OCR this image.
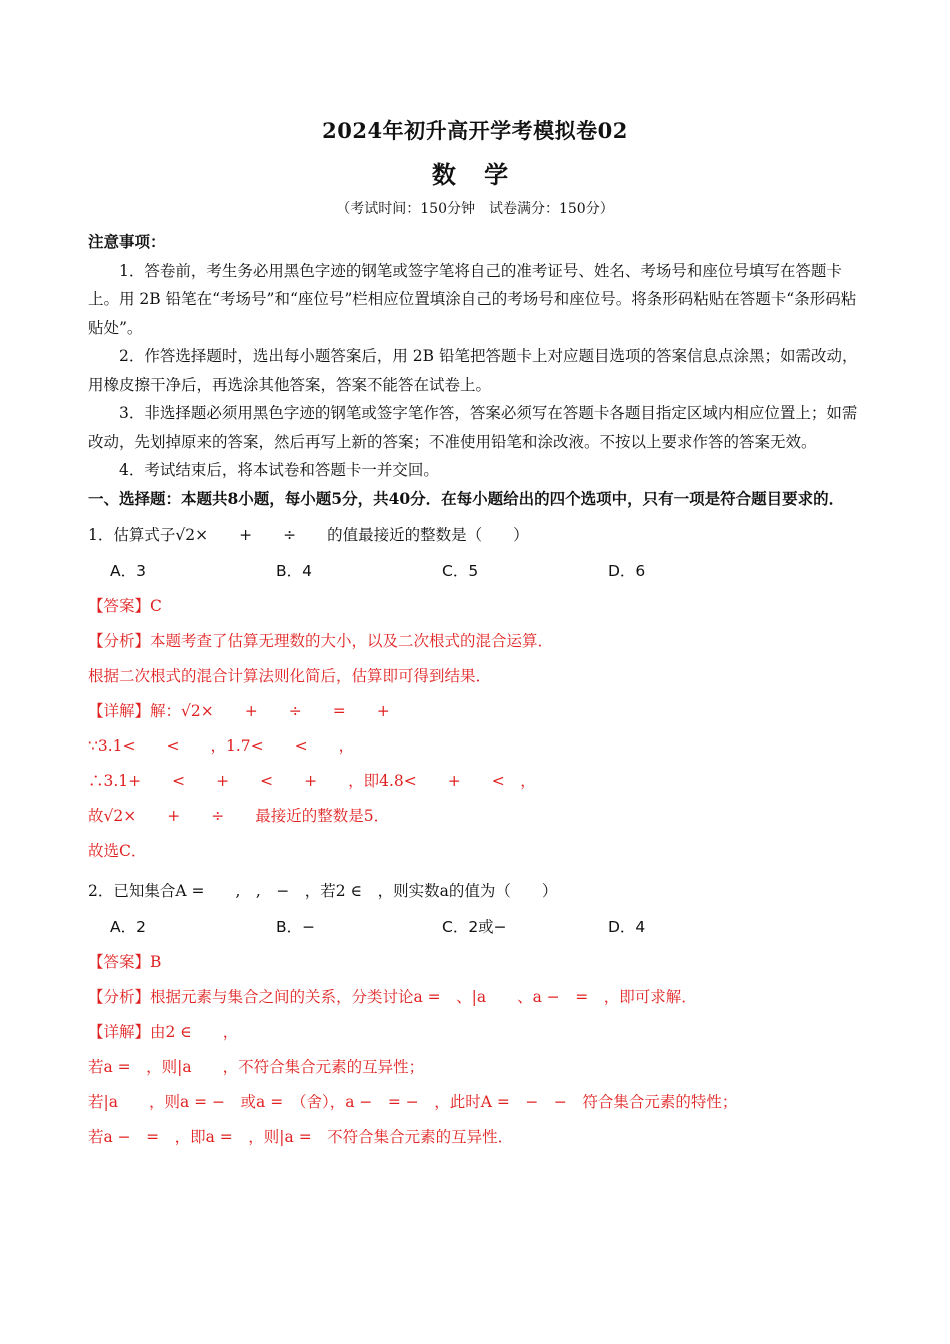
2024年初升高开学考模拟卷02
数 学
（考试时间：150分钟　试卷满分：150分）

注意事项：

1．答卷前，考生务必用黑色字迹的钢笔或签字笔将自己的准考证号、姓名、考场号和座位号填写在答题卡上。用 2B 铅笔在“考场号”和“座位号”栏相应位置填涂自己的考场号和座位号。将条形码粘贴在答题卡“条形码粘贴处”。

2．作答选择题时，选出每小题答案后，用 2B 铅笔把答题卡上对应题目选项的答案信息点涂黑；如需改动，用橡皮擦干净后，再选涂其他答案，答案不能答在试卷上。

3．非选择题必须用黑色字迹的钢笔或签字笔作答，答案必须写在答题卡各题目指定区域内相应位置上；如需改动，先划掉原来的答案，然后再写上新的答案；不准使用铅笔和涂改液。不按以上要求作答的答案无效。

4．考试结束后，将本试卷和答题卡一并交回。

一、选择题：本题共8小题，每小题5分，共40分．在每小题给出的四个选项中，只有一项是符合题目要求的．

1．估算式子√2×　　+　　÷　　的值最接近的整数是（　　）

A．3	B．4	C．5	D．6

【答案】C

【分析】本题考查了估算无理数的大小，以及二次根式的混合运算．

根据二次根式的混合计算法则化简后，估算即可得到结果．

【详解】解：√2×　　+　　÷　　=　　+

∵3.1<　　<　　，1.7<　　<　　，

∴3.1+　　<　　+　　<　　+　　，即4.8<　　+　　<　，

故√2×　　+　　÷　　最接近的整数是5．

故选C．

2．已知集合A =　　,　,　−　，若2 ∈　，则实数a的值为（　　）

A．2	B．−	C．2或−	D．4

【答案】B

【分析】根据元素与集合之间的关系，分类讨论a =　、|a　　、a −　=　，即可求解．

【详解】由2 ∈　　，

若a =　，则|a　　，不符合集合元素的互异性；

若|a　　，则a = −　或a =　（舍），a −　= −　，此时A =　−　−　符合集合元素的特性；

若a −　=　，即a =　，则|a =　不符合集合元素的互异性．
